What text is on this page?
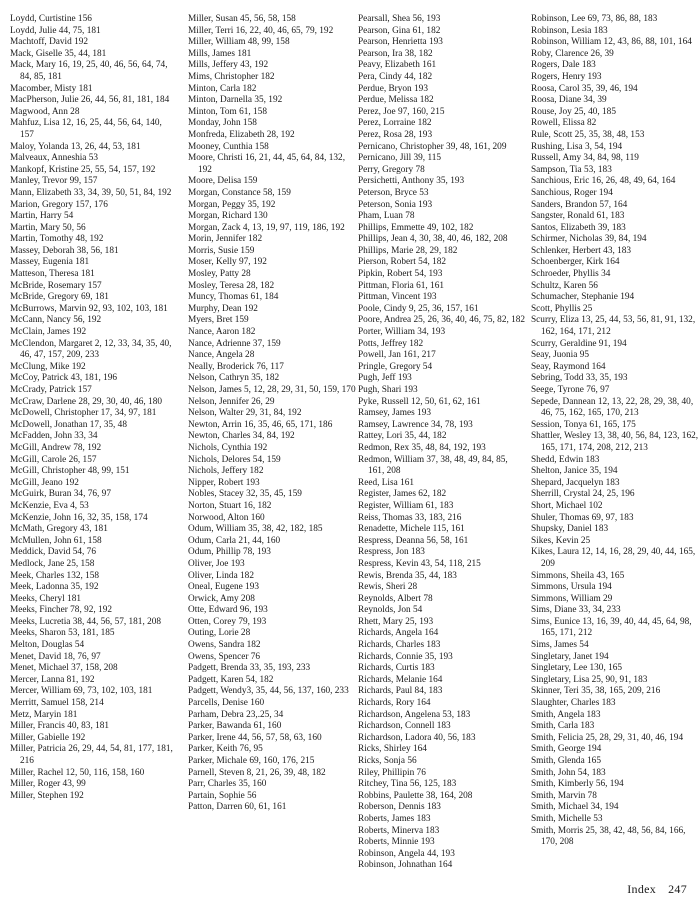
Loydd, Curtistine 156

Loydd, Julie 44, 75, 181

Machtoff, David 192

Mack, Giselle 35, 44, 181

Mack, Mary 16, 19, 25, 40, 46, 56, 64, 74, 84, 85, 181

Macomber, Misty 181

MacPherson, Julie 26, 44, 56, 81, 181, 184

Magwood, Ann 28

Mahfuz, Lisa 12, 16, 25, 44, 56, 64, 140, 157

Maloy, Yolanda 13, 26, 44, 53, 181

Malveaux, Anneshia 53

Mankopf, Kristine 25, 55, 54, 157, 192

Manley, Trevor 99, 157

Mann, Elizabeth 33, 34, 39, 50, 51, 84, 192

Marion, Gregory 157, 176

Martin, Harry 54

Martin, Mary 50, 56

Martin, Tomothy 48, 192

Massey, Deborah 38, 56, 181

Massey, Eugenia 181

Matteson, Theresa 181

McBride, Rosemary 157

McBride, Gregory 69, 181

McBurrows, Marvin 92, 93, 102, 103, 181

McCann, Nancy 56, 192

McClain, James 192

McClendon, Margaret 2, 12, 33, 34, 35, 40, 46, 47, 157, 209, 233

McClung, Mike 192

McCoy, Patrick 43, 181, 196

McCrady, Patrick 157

McCraw, Darlene 28, 29, 30, 40, 46, 180

McDowell, Christopher 17, 34, 97, 181

McDowell, Jonathan 17, 35, 48

McFadden, John 33, 34

McGill, Andrew 78, 192

McGill, Carole 26, 157

McGill, Christopher 48, 99, 151

McGill, Jeano 192

McGuirk, Buran 34, 76, 97

McKenzie, Eva 4, 53

McKenzie, John 16, 32, 35, 158, 174

McMath, Gregory 43, 181

McMullen, John 61, 158

Meddick, David 54, 76

Medlock, Jane 25, 158

Meek, Charles 132, 158

Meek, Ladonna 35, 192

Meeks, Cheryl 181

Meeks, Fincher 78, 92, 192

Meeks, Lucretia 38, 44, 56, 57, 181, 208

Meeks, Sharon 53, 181, 185

Melton, Douglas 54

Menet, David 18, 76, 97

Menet, Michael 37, 158, 208

Mercer, Lanna 81, 192

Mercer, William 69, 73, 102, 103, 181

Merritt, Samuel 158, 214

Metz, Maryin 181

Miller, Francis 40, 83, 181

Miller, Gabielle 192

Miller, Patricia 26, 29, 44, 54, 81, 177, 181, 216

Miller, Rachel 12, 50, 116, 158, 160

Miller, Roger 43, 99

Miller, Stephen 192

Miller, Susan 45, 56, 58, 158

Miller, Terri 16, 22, 40, 46, 65, 79, 192

Miller, William 48, 99, 158

Mills, James 181

Mills, Jeffery 43, 192

Mims, Christopher 182

Minton, Carla 182

Minton, Darnella 35, 192

Minton, Tom 61, 158

Monday, John 158

Monfreda, Elizabeth 28, 192

Mooney, Cunthia 158

Moore, Christi 16, 21, 44, 45, 64, 84, 132, 192

Moore, Delisa 159

Morgan, Constance 58, 159

Morgan, Peggy 35, 192

Morgan, Richard 130

Morgan, Zack 4, 13, 19, 97, 119, 186, 192

Morin, Jennifer 182

Morris, Susie 159

Moser, Kelly 97, 192

Mosley, Patty 28

Mosley, Teresa 28, 182

Muncy, Thomas 61, 184

Murphy, Dean 192

Myers, Bret 159

Nance, Aaron 182

Nance, Adrienne 37, 159

Nance, Angela 28

Neally, Broderick 76, 117

Nelson, Cathryn 35, 182

Nelson, James 5, 12, 28, 29, 31, 50, 159, 170

Nelson, Jennifer 26, 29

Nelson, Walter 29, 31, 84, 192

Newton, Arrin 16, 35, 46, 65, 171, 186

Newton, Charles 34, 84, 192

Nichols, Cynthia 192

Nichols, Delores 54, 159

Nichols, Jeffery 182

Nipper, Robert 193

Nobles, Stacey 32, 35, 45, 159

Norton, Stuart 16, 182

Norwood, Alton 160

Odum, William 35, 38, 42, 182, 185

Odum, Carla 21, 44, 160

Odum, Phillip 78, 193

Oliver, Joe 193

Oliver, Linda 182

Oneal, Eugene 193

Orwick, Amy 208

Otte, Edward 96, 193

Otten, Corey 79, 193

Outing, Lorie 28

Owens, Sandra 182

Owens, Spencer 76

Padgett, Brenda 33, 35, 193, 233

Padgett, Karen 54, 182

Padgett, Wendy3, 35, 44, 56, 137, 160, 233

Parcells, Denise 160

Parham, Debra 23,.25, 34

Parker, Bawanda 61, 160

Parker, Irene 44, 56, 57, 58, 63, 160

Parker, Keith 76, 95

Parker, Michale 69, 160, 176, 215

Parnell, Steven 8, 21, 26, 39, 48, 182

Parr, Charles 35, 160

Partain, Sophie 56

Patton, Darren 60, 61, 161

Pearsall, Shea 56, 193

Pearson, Gina 61, 182

Pearson, Henrietta 193

Pearson, Ira 38, 182

Peavy, Elizabeth 161

Pera, Cindy 44, 182

Perdue, Bryon 193

Perdue, Melissa 182

Perez, Joe 97, 160, 215

Perez, Lorraine 182

Perez, Rosa 28, 193

Pernicano, Christopher 39, 48, 161, 209

Pernicano, Jill 39, 115

Perry, Gregory 78

Persichetti, Anthony 35, 193

Peterson, Bryce 53

Peterson, Sonia 193

Pham, Luan 78

Phillips, Emmette 49, 102, 182

Phillips, Jean 4, 30, 38, 40, 46, 182, 208

Phillips, Marie 28, 29, 182

Pierson, Robert 54, 182

Pipkin, Robert 54, 193

Pittman, Floria 61, 161

Pittman, Vincent 193

Poole, Cindy 9, 25, 36, 157, 161

Poore, Andrea 25, 26, 36, 40, 46, 75, 82, 182

Porter, William 34, 193

Potts, Jeffrey 182

Powell, Jan 161, 217

Pringle, Gregory 54

Pugh, Jeff 193

Pugh, Shari 193

Pyke, Russell 12, 50, 61, 62, 161

Ramsey, James 193

Ramsey, Lawrence 34, 78, 193

Rattey, Lori 35, 44, 182

Redmon, Rex 35, 48, 84, 192, 193

Redmon, William 37, 38, 48, 49, 84, 85, 161, 208

Reed, Lisa 161

Register, James 62, 182

Register, William 61, 183

Reiss, Thomas 33, 183, 216

Renadette, Michele 115, 161

Respress, Deanna 56, 58, 161

Respress, Jon 183

Respress, Kevin 43, 54, 118, 215

Rewis, Brenda 35, 44, 183

Rewis, Sheri 28

Reynolds, Albert 78

Reynolds, Jon 54

Rhett, Mary 25, 193

Richards, Angela 164

Richards, Charles 183

Richards, Connie 35, 193

Richards, Curtis 183

Richards, Melanie 164

Richards, Paul 84, 183

Richards, Rory 164

Richardson, Angelena 53, 183

Richardson, Connell 183

Richardson, Ladora 40, 56, 183

Ricks, Shirley 164

Ricks, Sonja 56

Riley, Phillipin 76

Ritchey, Tina 56, 125, 183

Robbins, Paulette 38, 164, 208

Roberson, Dennis 183

Roberts, James 183

Roberts, Minerva 183

Roberts, Minnie 193

Robinson, Angela 44, 193

Robinson, Johnathan 164

Robinson, Lee 69, 73, 86, 88, 183

Robinson, Lesia 183

Robinson, William 12, 43, 86, 88, 101, 164

Roby, Clarence 26, 39

Rogers, Dale 183

Rogers, Henry 193

Roosa, Carol 35, 39, 46, 194

Roosa, Diane 34, 39

Rouse, Joy 25, 40, 185

Rowell, Elissa 82

Rule, Scott 25, 35, 38, 48, 153

Rushing, Lisa 3, 54, 194

Russell, Amy 34, 84, 98, 119

Sampson, Tia 53, 183

Sanchious, Eric 16, 26, 48, 49, 64, 164

Sanchious, Roger 194

Sanders, Brandon 57, 164

Sangster, Ronald 61, 183

Santos, Elizabeth 39, 183

Schirmer, Nicholas 39, 84, 194

Schlenker, Herbert 43, 183

Schoenberger, Kirk 164

Schroeder, Phyllis 34

Schultz, Karen 56

Schumacher, Stephanie 194

Scott, Phyllis 25

Scurry, Eliza 13, 25, 44, 53, 56, 81, 91, 132, 162, 164, 171, 212

Scurry, Geraldine 91, 194

Seay, Juonia 95

Seay, Raymond 164

Sebring, Todd 33, 35, 193

Seege, Tyrone 76, 97

Sepede, Dannean 12, 13, 22, 28, 29, 38, 40, 46, 75, 162, 165, 170, 213

Session, Tonya 61, 165, 175

Shattler, Wesley 13, 38, 40, 56, 84, 123, 162, 165, 171, 174, 208, 212, 213

Shedd, Edwin 183

Shelton, Janice 35, 194

Shepard, Jacquelyn 183

Sherrill, Crystal 24, 25, 196

Short, Michael 102

Shuler, Thomas 69, 97, 183

Shupsky, Daniel 183

Sikes, Kevin 25

Kikes, Laura 12, 14, 16, 28, 29, 40, 44, 165, 209

Simmons, Sheila 43, 165

Simmons, Ursula 194

Simmons, William 29

Sims, Diane 33, 34, 233

Sims, Eunice 13, 16, 39, 40, 44, 45, 64, 98, 165, 171, 212

Sims, James 54

Singletary, Janet 194

Singletary, Lee 130, 165

Singletary, Lisa 25, 90, 91, 183

Skinner, Teri 35, 38, 165, 209, 216

Slaughter, Charles 183

Smith, Angela 183

Smith, Carla 183

Smith, Felicia 25, 28, 29, 31, 40, 46, 194

Smith, George 194

Smith, Glenda 165

Smith, John 54, 183

Smith, Kimberly 56, 194

Smith, Marvin 78

Smith, Michael 34, 194

Smith, Michelle 53

Smith, Morris 25, 38, 42, 48, 56, 84, 166, 170, 208

Index 247
